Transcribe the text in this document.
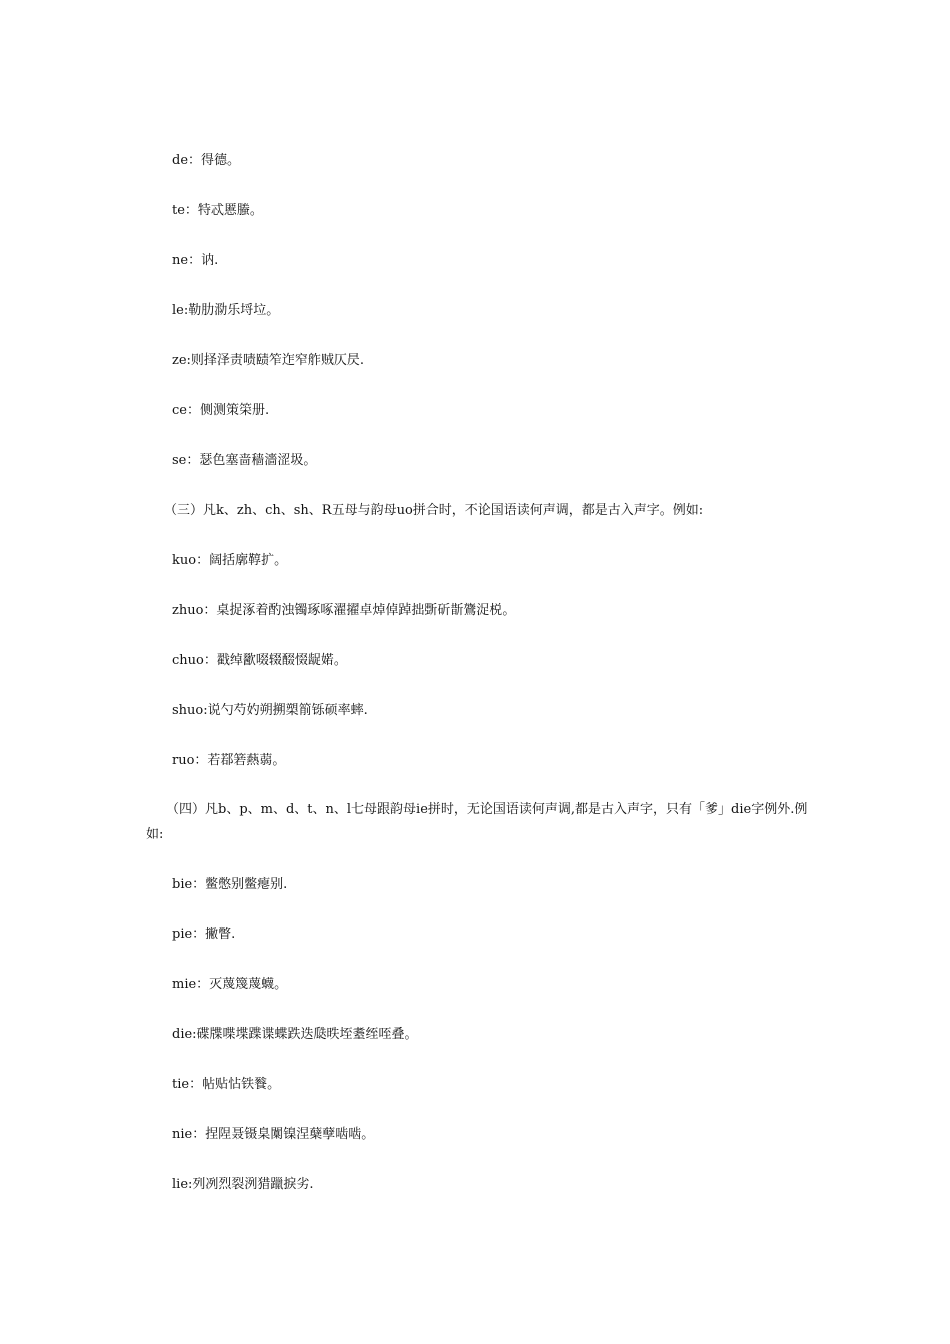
de：得德。
te：特忒慝螣。
ne：讷.
le:勒肋泐乐埒垃。
ze:则择泽责啧赜笮迮窄舴贼仄昃.
ce：侧测策筞册.
se：瑟色塞啬穑濇涩圾。
（三）凡k、zh、ch、sh、R五母与韵母uo拼合时，不论国语读何声调，都是古入声字。例如:
kuo：阔括廓鞟扩。
zhuo：桌捉涿着酌浊镯琢啄濯擢卓焯倬踔拙斲斫斮鷟浞棁。
chuo：戳绰歠啜辍醊惙龊婼。
shuo:说勺芍妁朔搠槊箾铄硕率蟀.
ruo：若鄀箬爇蒻。
（四）凡b、p、m、d、t、n、l七母跟韵母ie拼时，无论国语读何声调,都是古入声字，只有「爹」die字例外.例如:
bie：鳖憋别鳖瘪别.
pie：撇瞥.
mie：灭蔑篾蔑蠛。
die:碟牒喋堞蹀谍蝶跌迭瓞昳垤耋绖咥叠。
tie：帖贴怗铁餮。
nie：捏陧聂镊臬闑镍涅蘖孽啮啮。
lie:列冽烈裂洌猎躐捩劣.
